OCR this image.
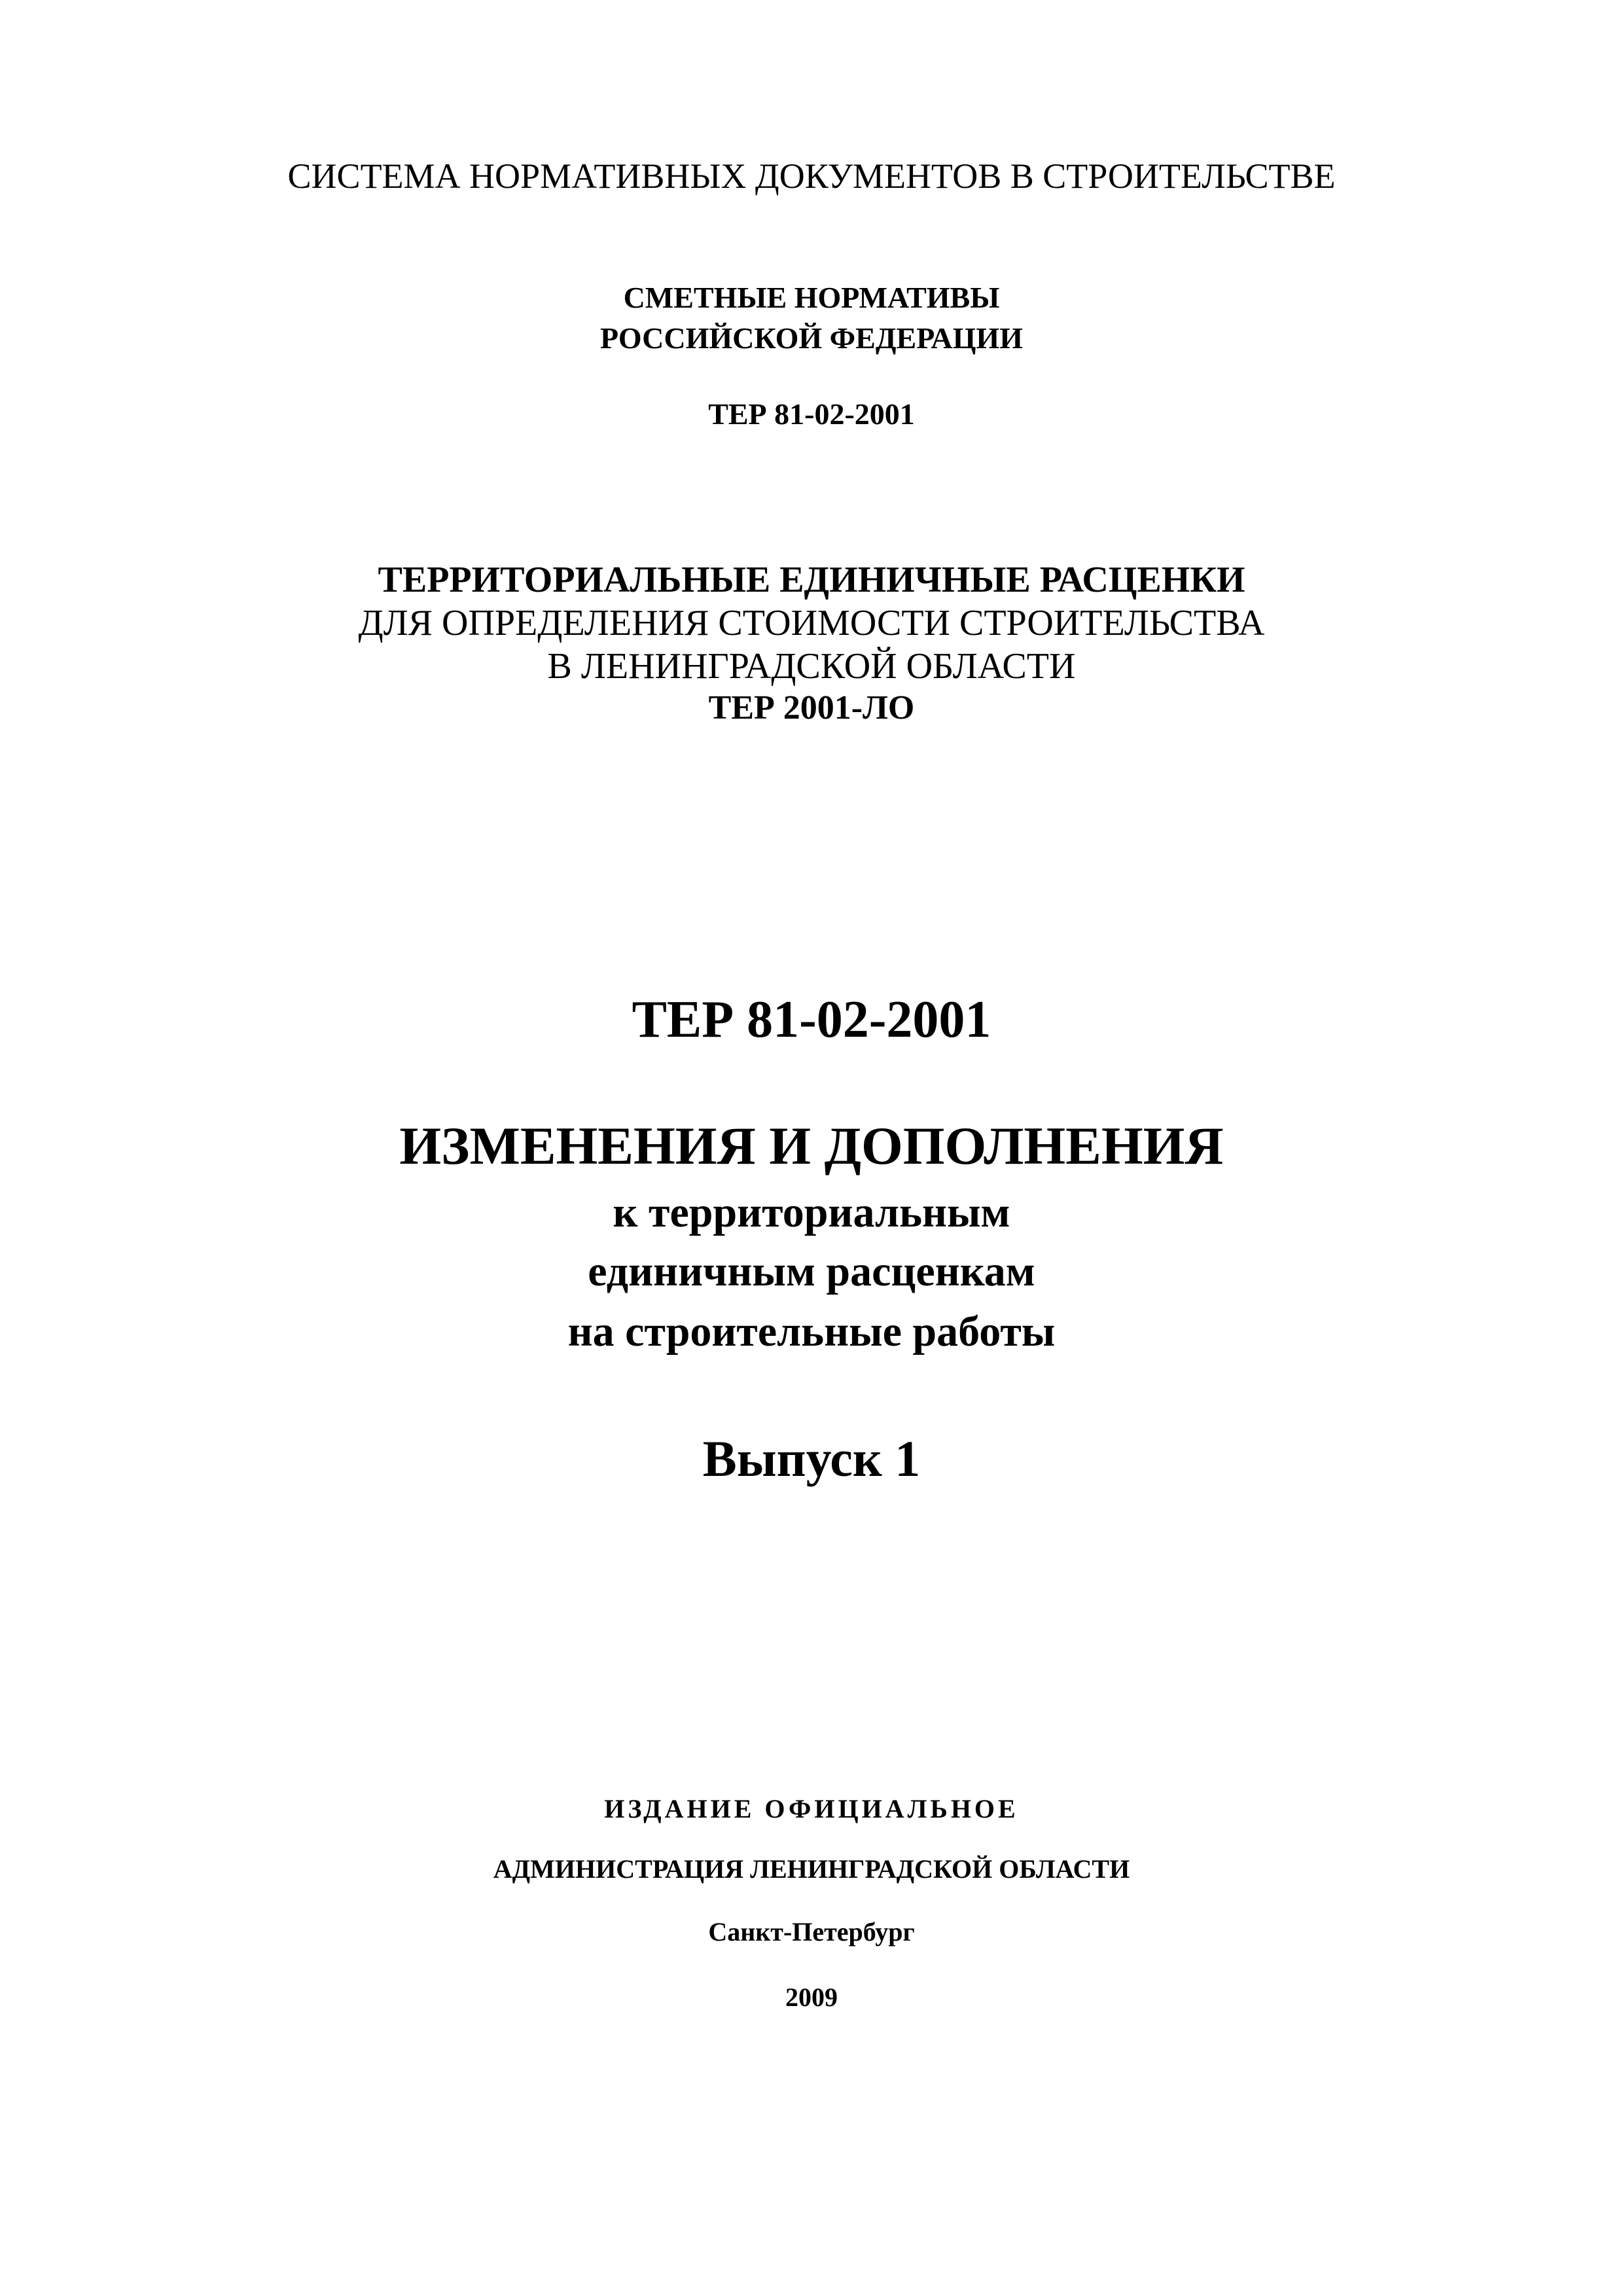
СИСТЕМА НОРМАТИВНЫХ ДОКУМЕНТОВ В СТРОИТЕЛЬСТВЕ
СМЕТНЫЕ НОРМАТИВЫ
РОССИЙСКОЙ ФЕДЕРАЦИИ
ТЕР 81-02-2001
ТЕРРИТОРИАЛЬНЫЕ ЕДИНИЧНЫЕ РАСЦЕНКИ
ДЛЯ ОПРЕДЕЛЕНИЯ СТОИМОСТИ СТРОИТЕЛЬСТВА
В ЛЕНИНГРАДСКОЙ ОБЛАСТИ
ТЕР 2001-ЛО
ТЕР 81-02-2001
ИЗМЕНЕНИЯ И ДОПОЛНЕНИЯ
к территориальным
единичным расценкам
на строительные работы
Выпуск 1
ИЗДАНИЕ ОФИЦИАЛЬНОЕ
АДМИНИСТРАЦИЯ ЛЕНИНГРАДСКОЙ ОБЛАСТИ
Санкт-Петербург
2009
